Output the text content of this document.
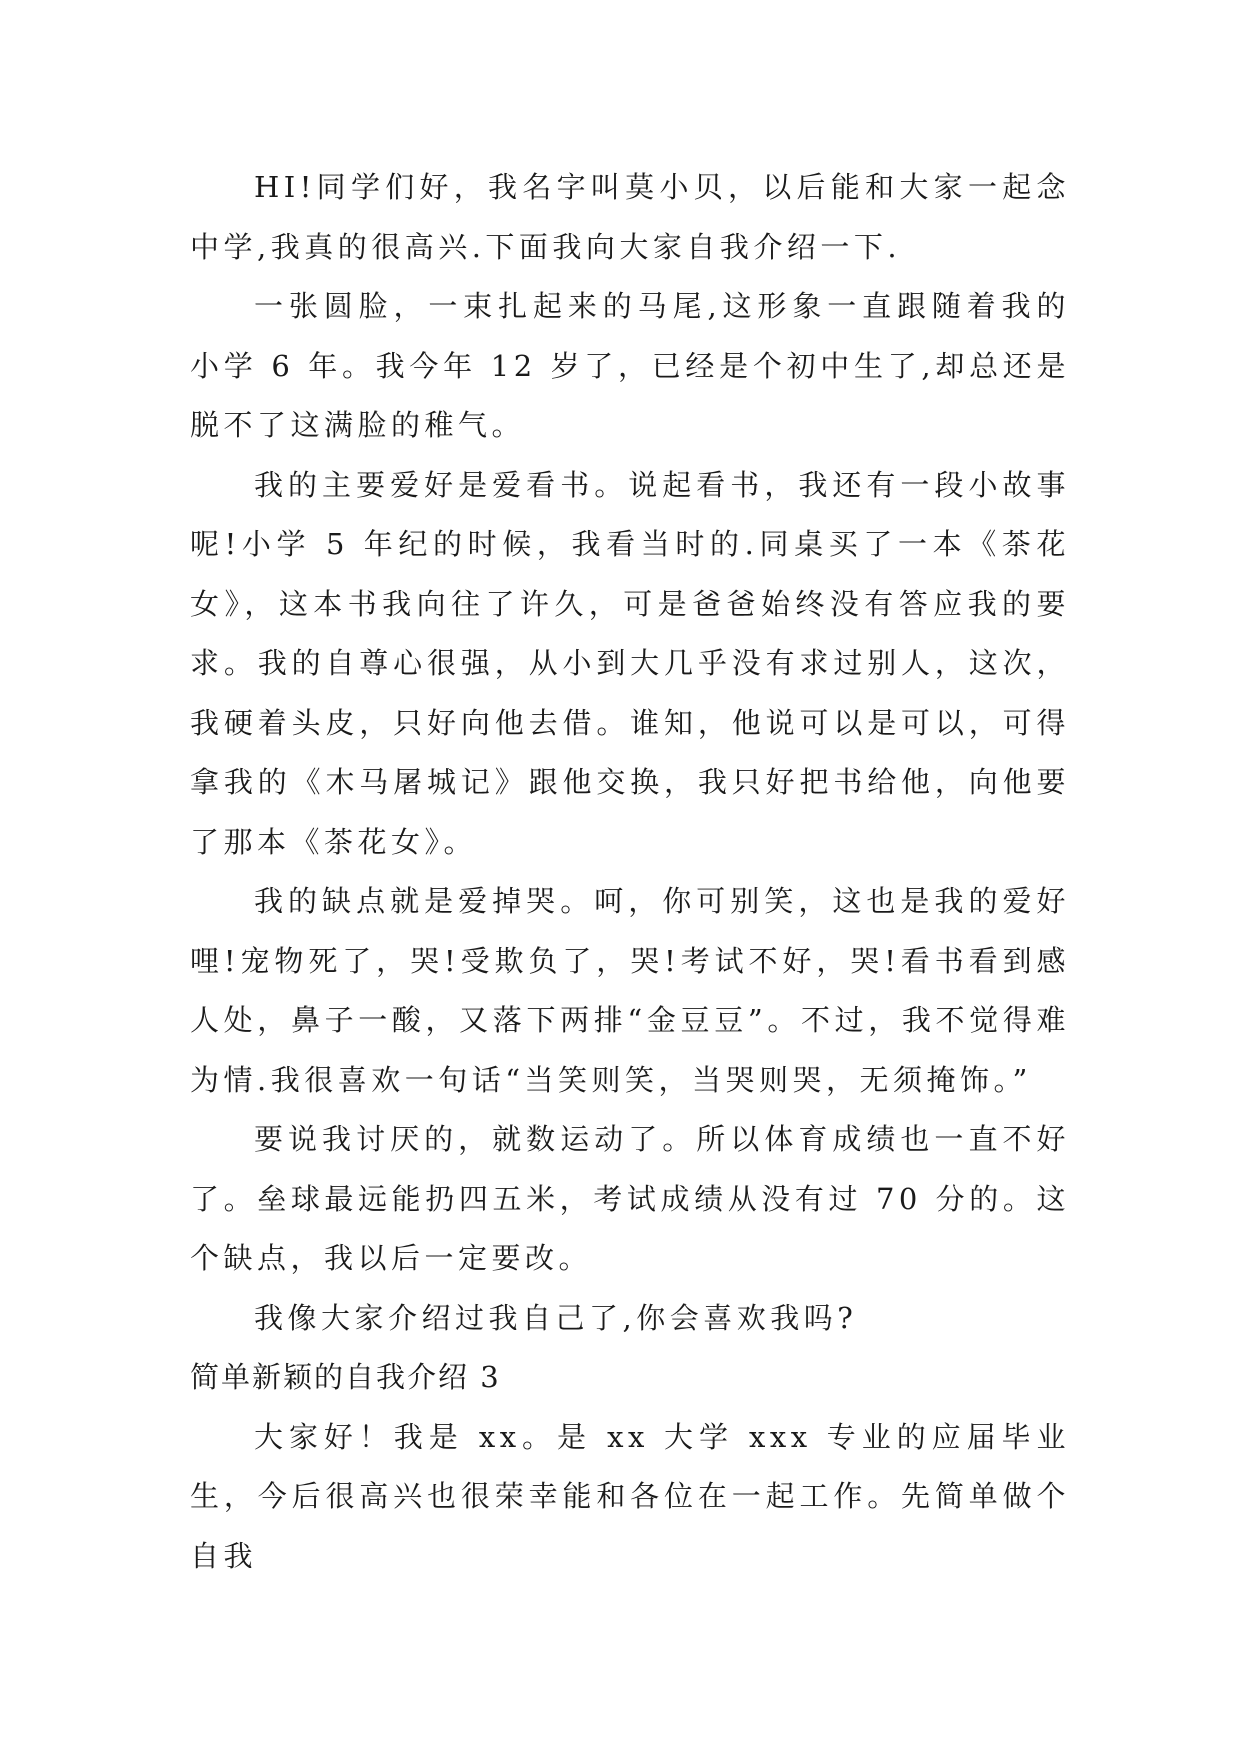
HI!同学们好，我名字叫莫小贝，以后能和大家一起念中学,我真的很高兴.下面我向大家自我介绍一下.

一张圆脸，一束扎起来的马尾,这形象一直跟随着我的小学 6 年。我今年 12 岁了，已经是个初中生了,却总还是脱不了这满脸的稚气。

我的主要爱好是爱看书。说起看书，我还有一段小故事呢!小学 5 年纪的时候，我看当时的.同桌买了一本《茶花女》，这本书我向往了许久，可是爸爸始终没有答应我的要求。我的自尊心很强，从小到大几乎没有求过别人，这次，我硬着头皮，只好向他去借。谁知，他说可以是可以，可得拿我的《木马屠城记》跟他交换，我只好把书给他，向他要了那本《茶花女》。

我的缺点就是爱掉哭。呵，你可别笑，这也是我的爱好哩!宠物死了，哭!受欺负了，哭!考试不好，哭!看书看到感人处，鼻子一酸，又落下两排“金豆豆”。不过，我不觉得难为情.我很喜欢一句话“当笑则笑，当哭则哭，无须掩饰。”

要说我讨厌的，就数运动了。所以体育成绩也一直不好了。垒球最远能扔四五米，考试成绩从没有过 70 分的。这个缺点，我以后一定要改。

我像大家介绍过我自己了,你会喜欢我吗?

简单新颖的自我介绍 3

大家好！我是 xx。是 xx 大学 xxx 专业的应届毕业生，今后很高兴也很荣幸能和各位在一起工作。先简单做个自我
